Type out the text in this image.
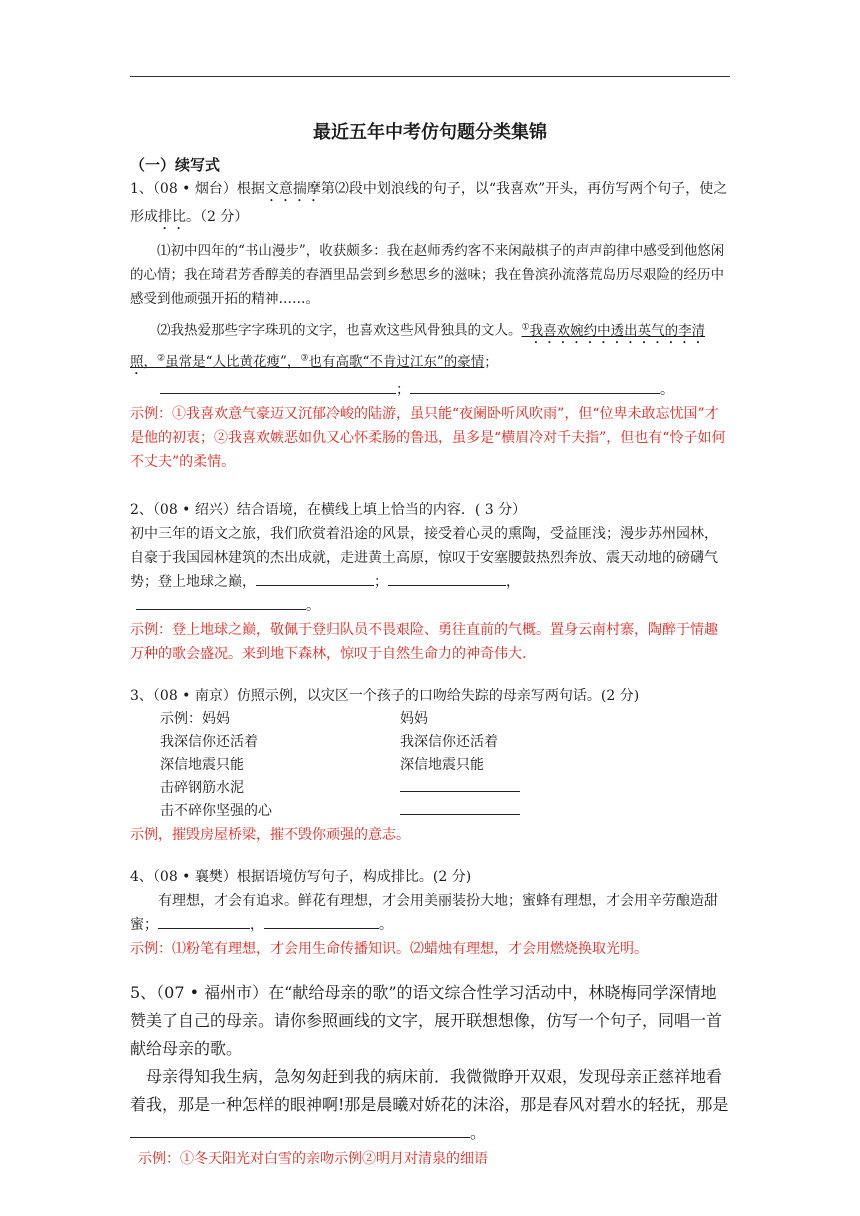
最近五年中考仿句题分类集锦
（一）续写式

1、（08 • 烟台）根据文意揣摩第⑵段中划浪线的句子，以“我喜欢”开头，再仿写两个句子，使之形成排比。（2 分）

⑴初中四年的“书山漫步”，收获颇多：我在赵师秀约客不来闲敲棋子的声声韵律中感受到他悠闲的心情；我在琦君芳香醇美的春酒里品尝到乡愁思乡的滋味；我在鲁滨孙流落荒岛历尽艰险的经历中感受到他顽强开拓的精神……。

⑵我热爱那些字字珠玑的文字，也喜欢这些风骨独具的文人。①我喜欢婉约中透出英气的李清照，②虽常是“人比黄花瘦”，③也有高歌“不肯过江东”的豪情；

；	。

示例：①我喜欢意气豪迈又沉郁冷峻的陆游，虽只能“夜阑卧听风吹雨”，但“位卑未敢忘忧国”才是他的初衷；②我喜欢嫉恶如仇又心怀柔肠的鲁迅，虽多是“横眉冷对千夫指”，但也有“怜子如何不丈夫”的柔情。

2、（08 • 绍兴）结合语境，在横线上填上恰当的内容．( 3 分）

初中三年的语文之旅，我们欣赏着沿途的风景，接受着心灵的熏陶，受益匪浅；漫步苏州园林，自豪于我国园林建筑的杰出成就，走进黄土高原，惊叹于安塞腰鼓热烈奔放、震天动地的磅礴气势；登上地球之巅，	；	，
。

示例：登上地球之巅，敬佩于登归队员不畏艰险、勇往直前的气概。置身云南村寨，陶醉于情趣万种的歌会盛况。来到地下森林，惊叹于自然生命力的神奇伟大.

3、（08 • 南京）仿照示例，以灾区一个孩子的口吻给失踪的母亲写两句话。(2 分)

示例：妈妈	妈妈
我深信你还活着	我深信你还活着
深信地震只能	深信地震只能
击碎钢筋水泥
击不碎你坚强的心

示例，摧毁房屋桥梁，摧不毁你顽强的意志。

4、（08 • 襄樊）根据语境仿写句子，构成排比。(2 分)

有理想，才会有追求。鲜花有理想，才会用美丽装扮大地；蜜蜂有理想，才会用辛劳酿造甜蜜；	，	。

示例：⑴粉笔有理想，才会用生命传播知识。⑵蜡烛有理想，才会用燃烧换取光明。

5、（07 • 福州市）在“献给母亲的歌”的语文综合性学习活动中，林晓梅同学深情地赞美了自己的母亲。请你参照画线的文字，展开联想想像，仿写一个句子，同唱一首献给母亲的歌。

母亲得知我生病，急匆匆赶到我的病床前．我微微睁开双艰，发现母亲正慈祥地看着我，那是一种怎样的眼神啊!那是晨曦对娇花的沫浴，那是春风对碧水的轻抚，那是。

示例：①冬天阳光对白雪的亲吻示例②明月对清泉的细语
